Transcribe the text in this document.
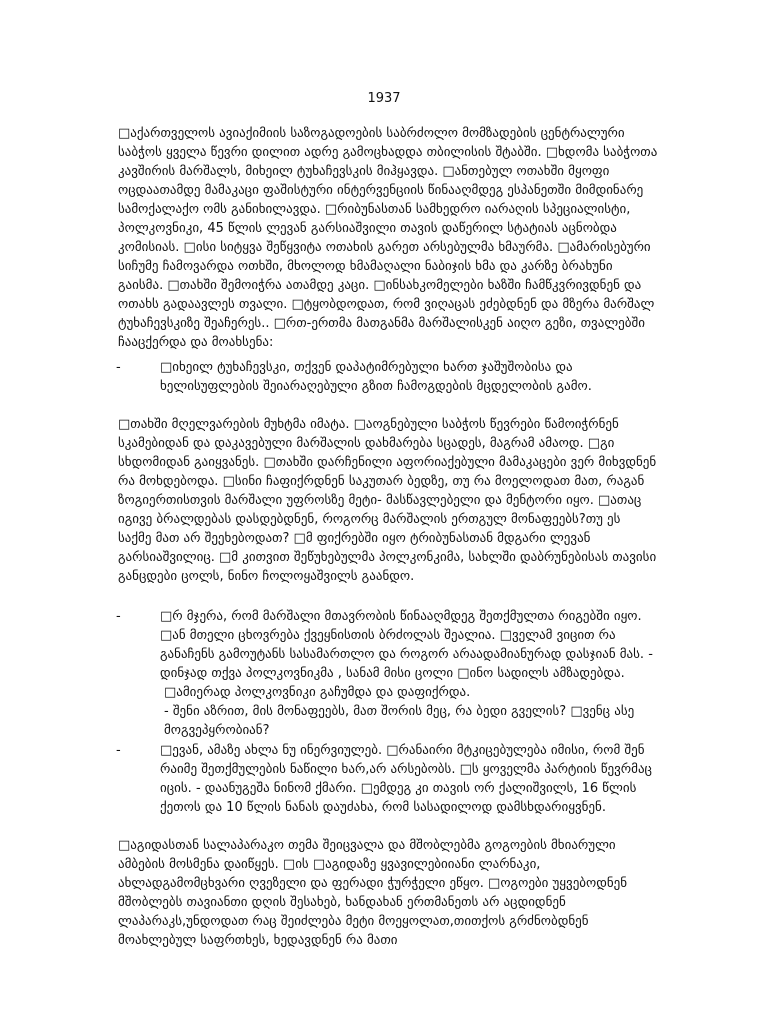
1937

□აქართველოს ავიაქიმიის საზოგადოების საბრძოლო მომზადების ცენტრალური საბჭოს ყველა წევრი დილით ადრე გამოცხადდა თბილისის შტაბში. □ხდომა საბჭოთა კავშირის მარშალს, მიხეილ ტუხაჩევსკის მიჰყავდა. □ანთებულ ოთახში მყოფი ოცდაათამდე მამაკაცი ფაშისტური ინტერვენციის წინააღმდეგ ესპანეთში მიმდინარე სამოქალაქო ომს განიხილავდა. □რიბუნასთან სამხედრო იარაღის სპეციალისტი, პოლკოვნიკი, 45 წლის ლევან გარსიაშვილი თავის დაწერილ სტატიას აცნობდა კომისიას. □ისი სიტყვა შეწყვიტა ოთახის გარეთ არსებულმა ხმაურმა. □ამარისებური სიჩუმე ჩამოვარდა ოთხში, მხოლოდ ხმამაღალი ნაბიჯის ხმა და კარზე ბრახუნი გაისმა. □თახში შემოიჭრა ათამდე კაცი. □ინსახკომელები ხაზში ჩამწკვრივდნენ და ოთახს გადაავლეს თვალი. □ტყობდოდათ, რომ ვიღაცას ეძებდნენ და მზერა მარშალ ტუხაჩევსკიზე შეაჩერეს.. □რთ-ერთმა მათგანმა მარშალისკენ აიღო გეზი, თვალებში ჩააცქერდა და მოახსენა:

-	□იხეილ ტუხაჩევსკი, თქვენ დაპატიმრებული ხართ ჯაშუშობისა და ხელისუფლების შეიარაღებული გზით ჩამოგდების მცდელობის გამო.

□თახში მღელვარების მუხტმა იმატა. □აოგნებული საბჭოს წევრები წამოიჭრნენ სკამებიდან და დაკავებული მარშალის დახმარება სცადეს, მაგრამ ამაოდ. □გი სხდომიდან გაიყვანეს. □თახში დარჩენილი აფორიაქებული მამაკაცები ვერ მიხვდნენ რა მოხდებოდა. □სინი ჩაფიქრდნენ საკუთარ ბედზე, თუ რა მოელოდათ მათ, რაგან ზოგიერთისთვის მარშალი უფროსზე მეტი- მასწავლებელი და მენტორი იყო. □ათაც იგივე ბრალდებას დასდებდნენ, როგორც მარშალის ერთგულ მონაფეებს?თუ ეს საქმე მათ არ შეეხებოდათ? □მ ფიქრებში იყო ტრიბუნასთან მდგარი ლევან გარსიაშვილიც. □მ კითვით შეწუხებულმა პოლკონკიმა, სახლში დაბრუნებისას თავისი განცდები ცოლს, ნინო ჩოლოყაშვილს გაანდო.

-	□რ მჯერა, რომ მარშალი მთავრობის წინააღმდეგ შეთქმულთა რიგებში იყო. □ან მთელი ცხოვრება ქვეყნისთის ბრძოლას შეალია. □ველამ ვიცით რა განაჩენს გამოუტანს სასამართლო და როგორ არაადამიანურად დასჯიან მას. - დინჯად თქვა პოლკოვნიკმა , სანამ მისი ცოლი □ინო სადილს ამზადებდა.

□ამიერად პოლკოვნიკი გაჩუმდა და დაფიქრდა.

- შენი აზრით, მის მონაფეებს, მათ შორის მეც, რა ბედი გველის? □ვენც ასე მოგვეპყრობიან?

-	□ევან, ამაზე ახლა ნუ ინერვიულებ. □რანაირი მტკიცებულება იმისი, რომ შენ რაიმე შეთქმულების ნაწილი ხარ,არ არსებობს. □ს ყოველმა პარტიის წევრმაც იცის. - დაანუგეშა ნინომ ქმარი. □ემდეგ კი თავის ორ ქალიშვილს, 16 წლის ქეთოს და 10 წლის ნანას დაუძახა, რომ სასადილოდ დამსხდარიყვნენ.

□აგიდასთან სალაპარაკო თემა შეიცვალა და მშობლებმა გოგოების მხიარული ამბების მოსმენა დაიწყეს. □ის □აგიდაზე ყვავილებიიანი ლარნაკი, ახლადგამომცხვარი ღვეზელი და ფერადი ჭურჭელი ეწყო. □ოგოები უყვებოდნენ მშობლებს თავიანთი დღის შესახებ, ხანდახან ერთმანეთს არ აცდიდნენ ლაპარაკს,უნდოდათ რაც შეიძლება მეტი მოეყოლათ,თითქოს გრძნობდნენ მოახლებულ საფრთხეს, ხედავდნენ რა მათი
